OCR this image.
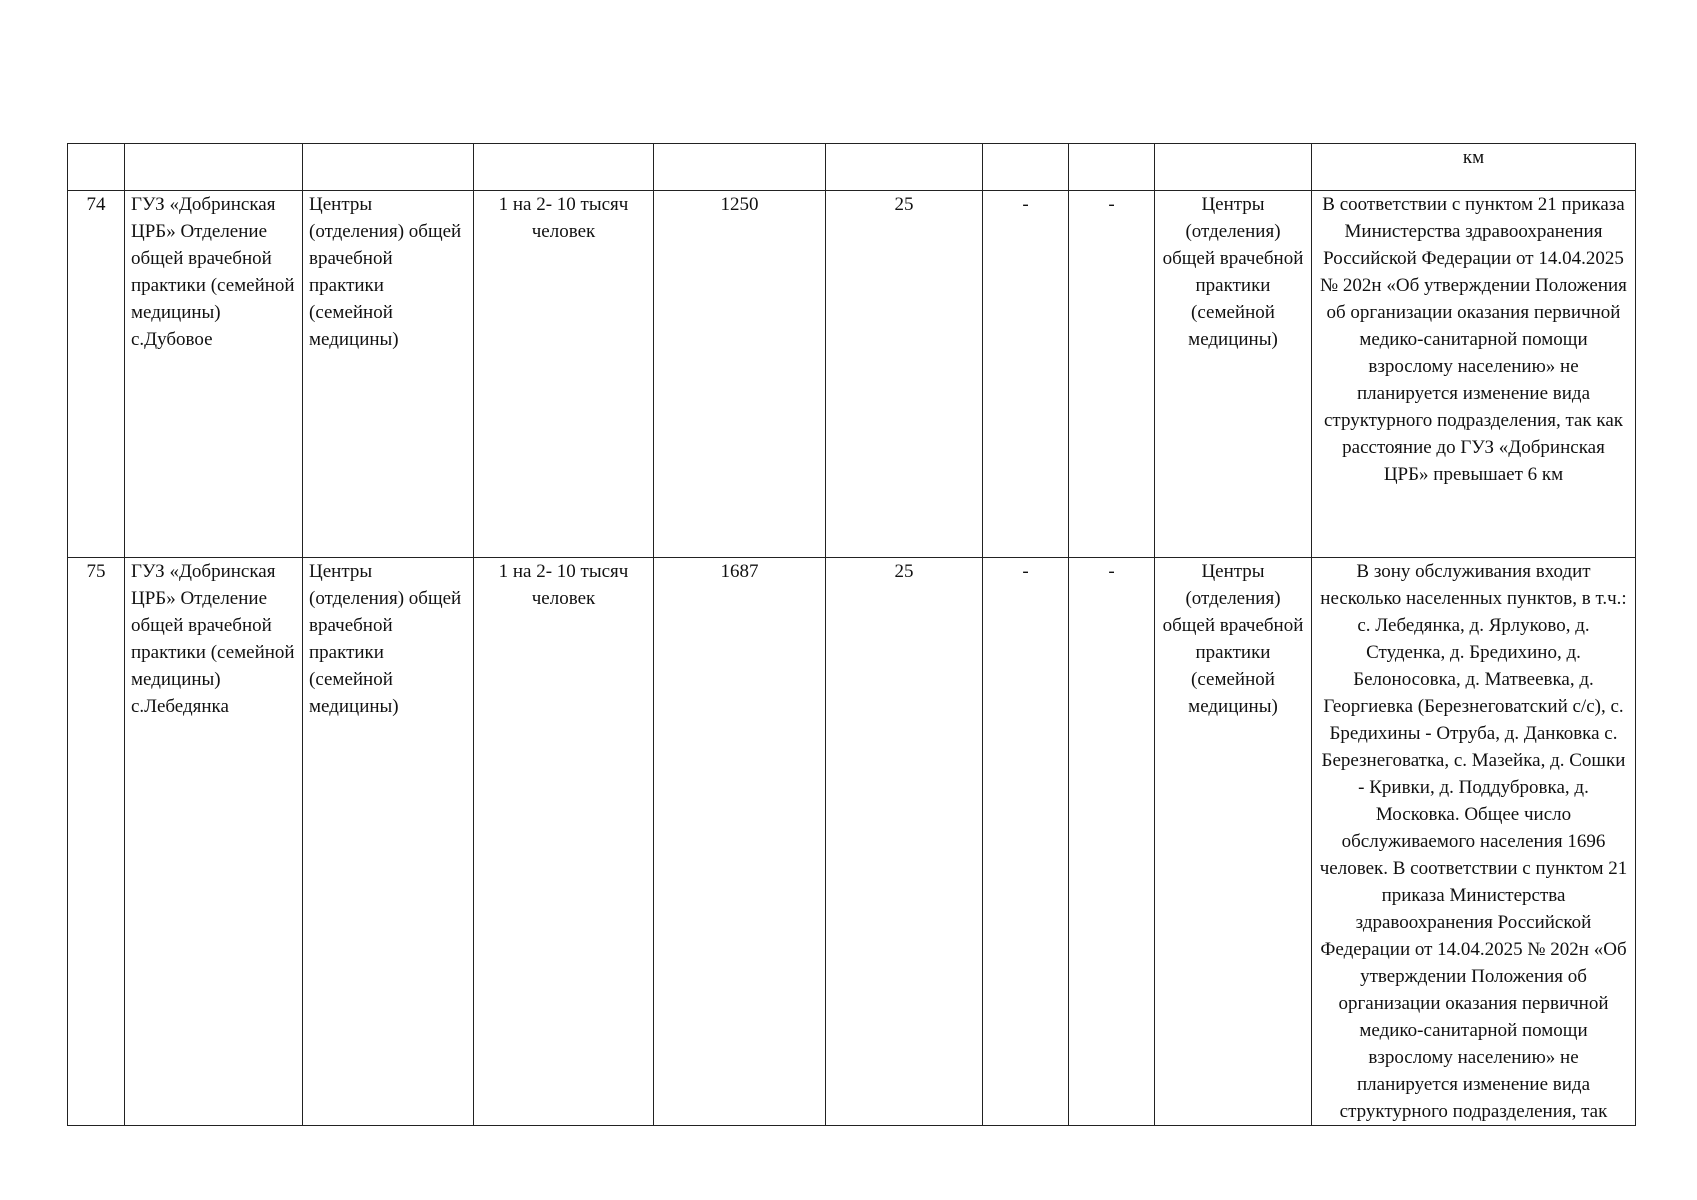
									км
74	ГУЗ «Добринская ЦРБ» Отделение общей врачебной практики (семейной медицины) с.Дубовое	Центры (отделения) общей врачебной практики (семейной медицины)	1 на 2- 10 тысяч человек	1250	25	-	-	Центры (отделения) общей врачебной практики (семейной медицины)	В соответствии с пунктом 21 приказа Министерства здравоохранения Российской Федерации от 14.04.2025 № 202н «Об утверждении Положения об организации оказания первичной медико-санитарной помощи взрослому населению» не планируется изменение вида структурного подразделения, так как расстояние до ГУЗ «Добринская ЦРБ» превышает 6 км
75	ГУЗ «Добринская ЦРБ» Отделение общей врачебной практики (семейной медицины) с.Лебедянка	Центры (отделения) общей врачебной практики (семейной медицины)	1 на 2- 10 тысяч человек	1687	25	-	-	Центры (отделения) общей врачебной практики (семейной медицины)	В зону обслуживания входит несколько населенных пунктов, в т.ч.: с. Лебедянка, д. Ярлуково, д. Студенка, д. Бредихино, д. Белоносовка, д. Матвеевка, д. Георгиевка (Березнеговатский с/с), с. Бредихины - Отруба, д. Данковка с. Березнеговатка, с. Мазейка, д. Сошки - Кривки, д. Поддубровка, д. Московка. Общее число обслуживаемого населения 1696 человек. В соответствии с пунктом 21 приказа Министерства здравоохранения Российской Федерации от 14.04.2025 № 202н «Об утверждении Положения об организации оказания первичной медико-санитарной помощи взрослому населению» не планируется изменение вида структурного подразделения, так
